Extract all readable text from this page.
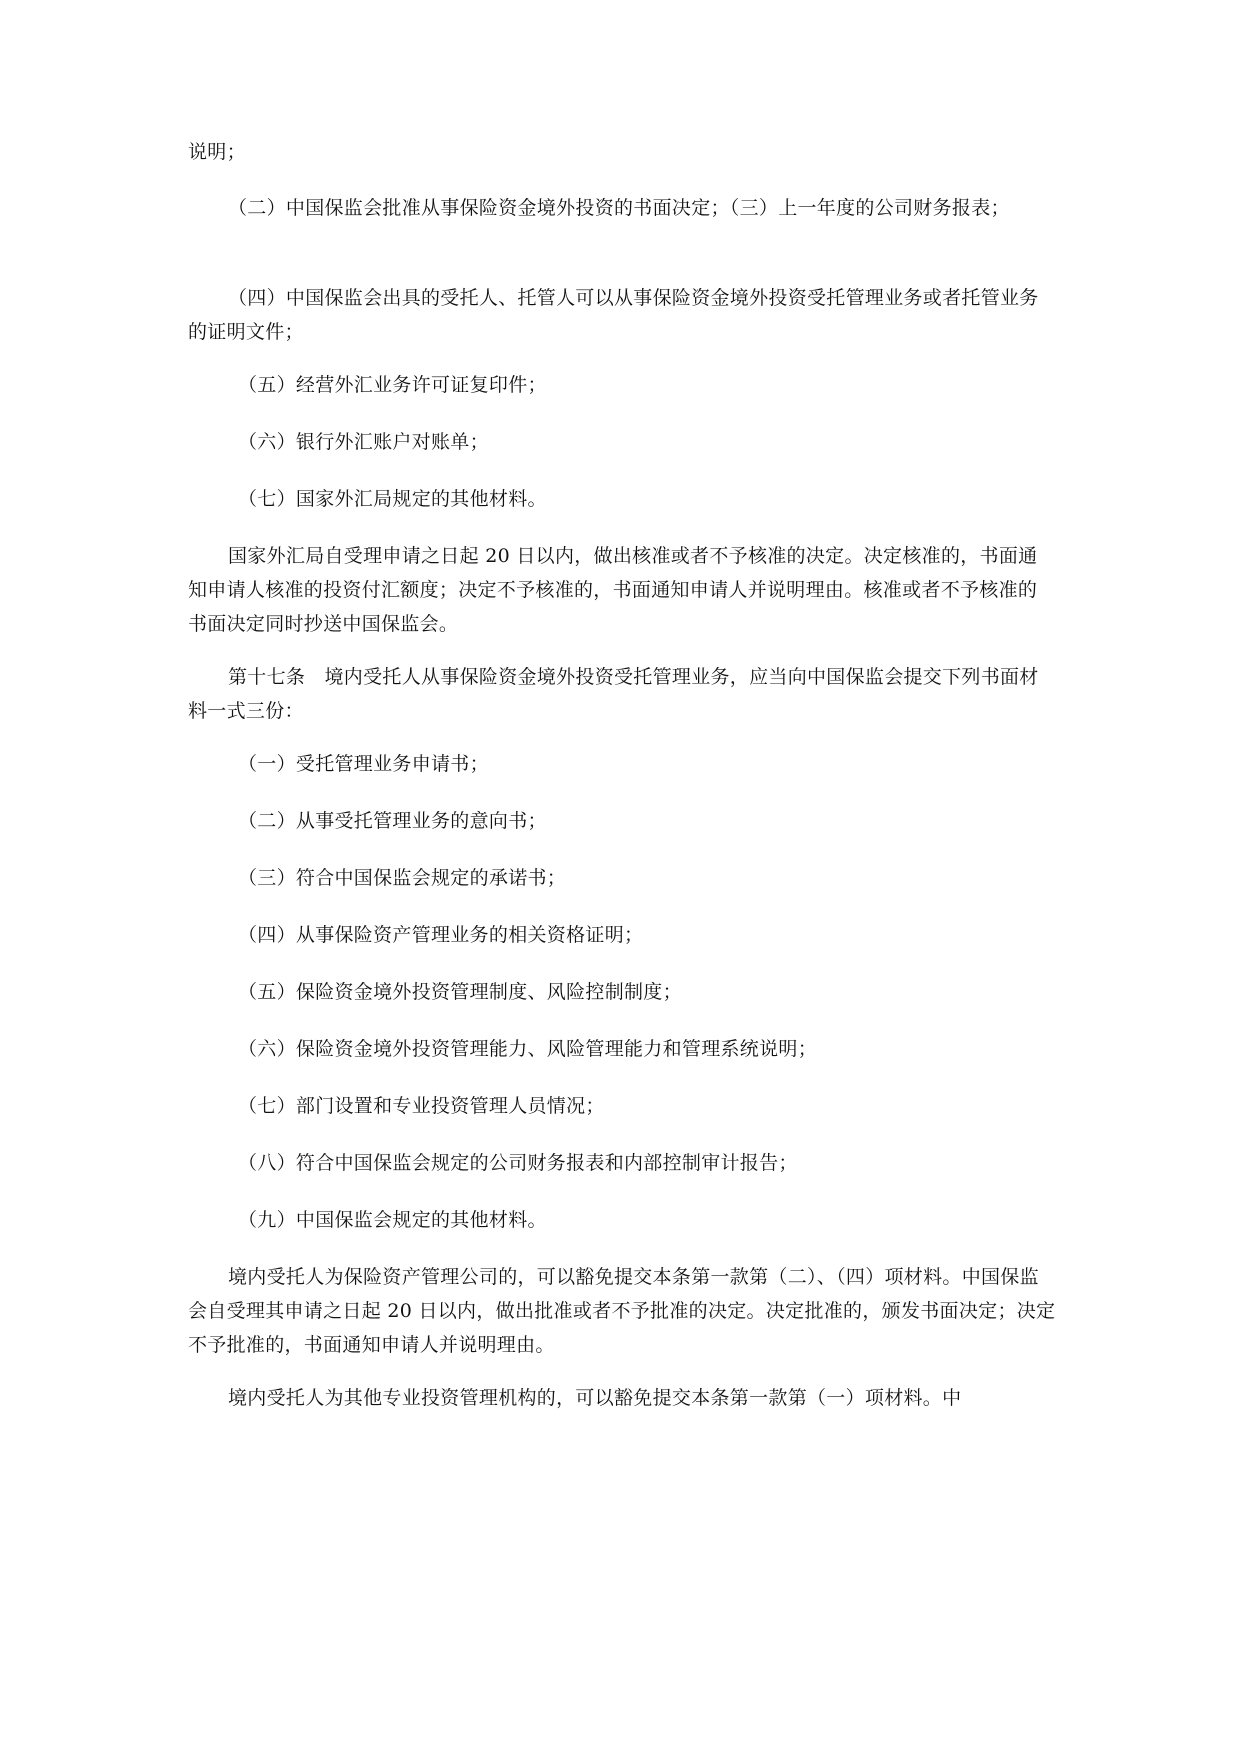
说明；

（二）中国保监会批准从事保险资金境外投资的书面决定；（三）上一年度的公司财务报表；

（四）中国保监会出具的受托人、托管人可以从事保险资金境外投资受托管理业务或者托管业务的证明文件；

（五）经营外汇业务许可证复印件；

（六）银行外汇账户对账单；

（七）国家外汇局规定的其他材料。

国家外汇局自受理申请之日起 20 日以内，做出核准或者不予核准的决定。决定核准的，书面通知申请人核准的投资付汇额度；决定不予核准的，书面通知申请人并说明理由。核准或者不予核准的书面决定同时抄送中国保监会。

第十七条　境内受托人从事保险资金境外投资受托管理业务，应当向中国保监会提交下列书面材料一式三份：

（一）受托管理业务申请书；

（二）从事受托管理业务的意向书；

（三）符合中国保监会规定的承诺书；

（四）从事保险资产管理业务的相关资格证明；

（五）保险资金境外投资管理制度、风险控制制度；

（六）保险资金境外投资管理能力、风险管理能力和管理系统说明；

（七）部门设置和专业投资管理人员情况；

（八）符合中国保监会规定的公司财务报表和内部控制审计报告；

（九）中国保监会规定的其他材料。

境内受托人为保险资产管理公司的，可以豁免提交本条第一款第（二）、（四）项材料。中国保监会自受理其申请之日起 20 日以内，做出批准或者不予批准的决定。决定批准的，颁发书面决定；决定不予批准的，书面通知申请人并说明理由。

境内受托人为其他专业投资管理机构的，可以豁免提交本条第一款第（一）项材料。中
